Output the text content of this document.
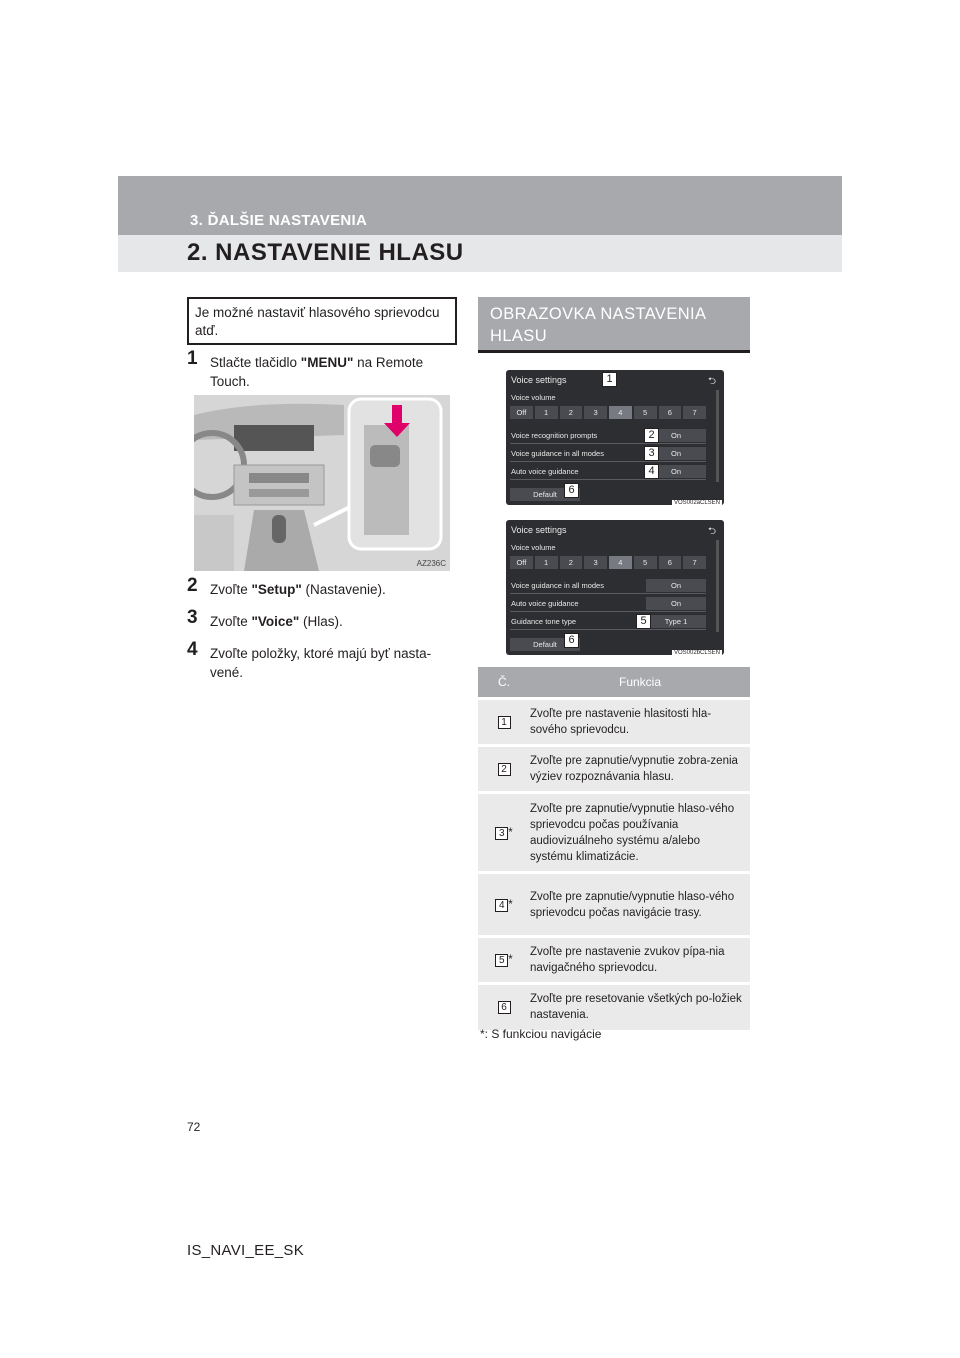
3. ĎALŠIE NASTAVENIA
2. NASTAVENIE HLASU
Je možné nastaviť hlasového sprievodcu atď.
1 Stlačte tlačidlo "MENU" na Remote Touch.
AZ236C
2 Zvoľte "Setup" (Nastavenie).
3 Zvoľte "Voice" (Hlas).
4 Zvoľte položky, ktoré majú byť nasta-vené.
OBRAZOVKA NASTAVENIA HLASU
Voice settings	⮌
Voice volume
Off	1	2	3	4	5	6	7
Voice recognition prompts	On
Voice guidance in all modes	On
Auto voice guidance	On
Default
VOS002aCLSEN
1
2
3
4
6
Voice settings	⮌
Voice volume
Off	1	2	3	4	5	6	7
Voice guidance in all modes	On
Auto voice guidance	On
Guidance tone type	Type 1
Default
VOS002bCLSEN
5
6
Č.	Funkcia
1	Zvoľte pre nastavenie hlasitosti hla-sového sprievodcu.
2	Zvoľte pre zapnutie/vypnutie zobra-zenia výziev rozpoznávania hlasu.
3 *	Zvoľte pre zapnutie/vypnutie hlaso-vého sprievodcu počas používania audiovizuálneho systému a/alebo systému klimatizácie.
4 *	Zvoľte pre zapnutie/vypnutie hlaso-vého sprievodcu počas navigácie trasy.
5 *	Zvoľte pre nastavenie zvukov pípa-nia navigačného sprievodcu.
6	Zvoľte pre resetovanie všetkých po-ložiek nastavenia.
*: S funkciou navigácie
72
IS_NAVI_EE_SK
